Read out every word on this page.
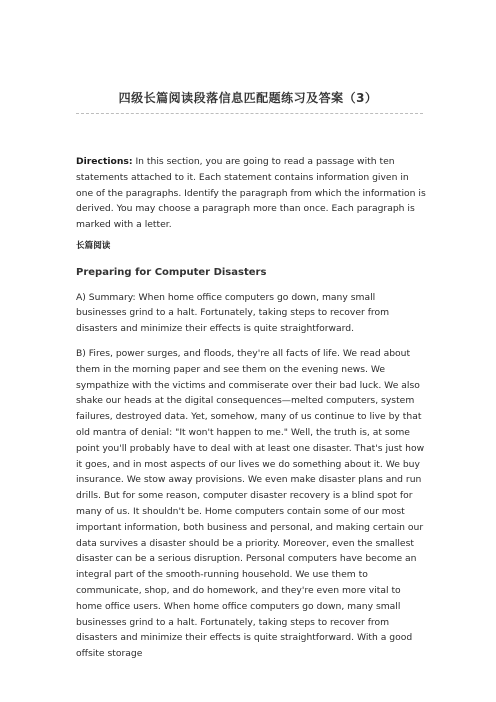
四级长篇阅读段落信息匹配题练习及答案（3）

Directions: In this section, you are going to read a passage with ten statements attached to it. Each statement contains information given in one of the paragraphs. Identify the paragraph from which the information is derived. You may choose a paragraph more than once. Each paragraph is marked with a letter.

长篇阅读

Preparing for Computer Disasters

A) Summary: When home office computers go down, many small businesses grind to a halt. Fortunately, taking steps to recover from disasters and minimize their effects is quite straightforward.

B) Fires, power surges, and floods, they're all facts of life. We read about them in the morning paper and see them on the evening news. We sympathize with the victims and commiserate over their bad luck. We also shake our heads at the digital consequences—melted computers, system failures, destroyed data. Yet, somehow, many of us continue to live by that old mantra of denial: "It won't happen to me." Well, the truth is, at some point you'll probably have to deal with at least one disaster. That's just how it goes, and in most aspects of our lives we do something about it. We buy insurance. We stow away provisions. We even make disaster plans and run drills. But for some reason, computer disaster recovery is a blind spot for many of us. It shouldn't be. Home computers contain some of our most important information, both business and personal, and making certain our data survives a disaster should be a priority. Moreover, even the smallest disaster can be a serious disruption. Personal computers have become an integral part of the smooth-running household. We use them to communicate, shop, and do homework, and they're even more vital to home office users. When home office computers go down, many small businesses grind to a halt. Fortunately, taking steps to recover from disasters and minimize their effects is quite straightforward. With a good offsite storage
